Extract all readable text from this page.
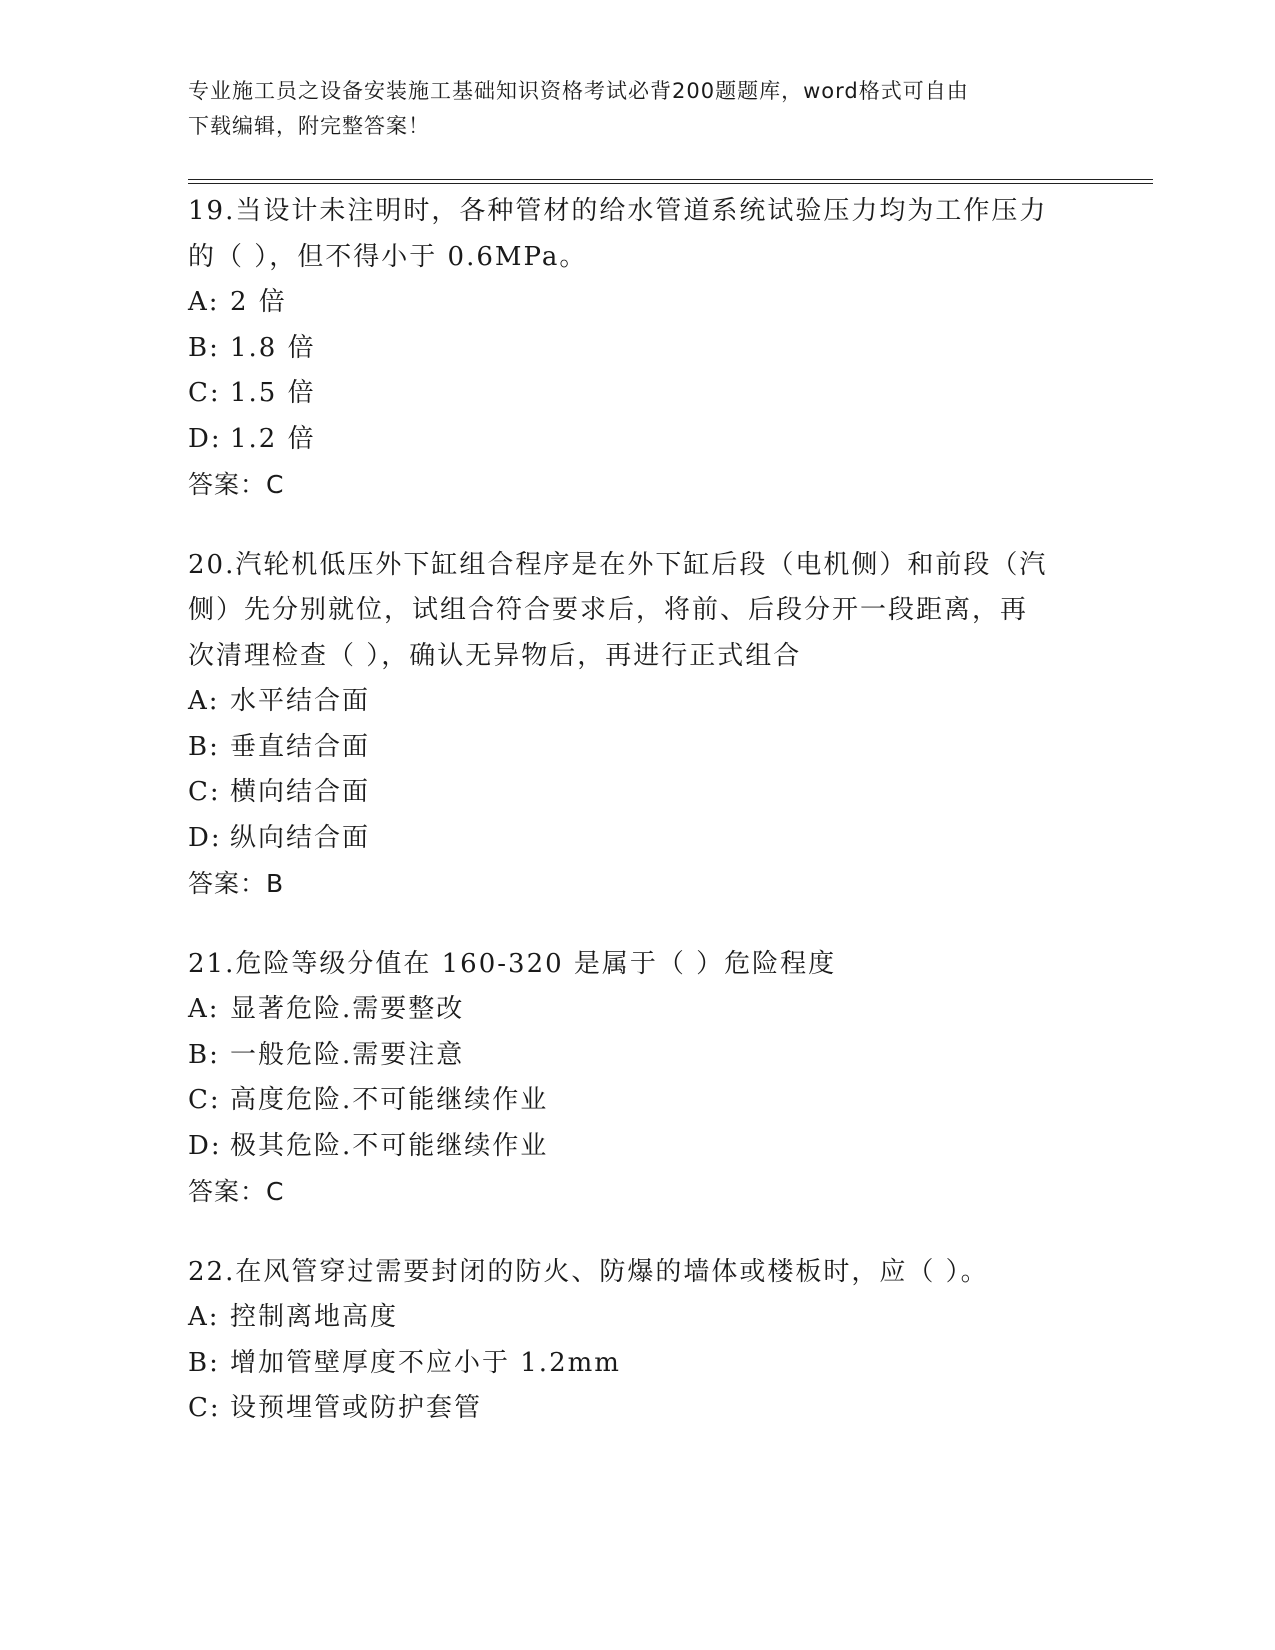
专业施工员之设备安装施工基础知识资格考试必背200题题库，word格式可自由
下载编辑，附完整答案！
19.当设计未注明时，各种管材的给水管道系统试验压力均为工作压力
的（ ），但不得小于 0.6MPa。
A: 2 倍
B: 1.8 倍
C: 1.5 倍
D: 1.2 倍
答案：C
20.汽轮机低压外下缸组合程序是在外下缸后段（电机侧）和前段（汽
侧）先分别就位，试组合符合要求后，将前、后段分开一段距离，再
次清理检查（ ），确认无异物后，再进行正式组合
A: 水平结合面
B: 垂直结合面
C: 横向结合面
D: 纵向结合面
答案：B
21.危险等级分值在 160-320 是属于（ ）危险程度
A: 显著危险.需要整改
B: 一般危险.需要注意
C: 高度危险.不可能继续作业
D: 极其危险.不可能继续作业
答案：C
22.在风管穿过需要封闭的防火、防爆的墙体或楼板时，应（ ）。
A: 控制离地高度
B: 增加管壁厚度不应小于 1.2mm
C: 设预埋管或防护套管
